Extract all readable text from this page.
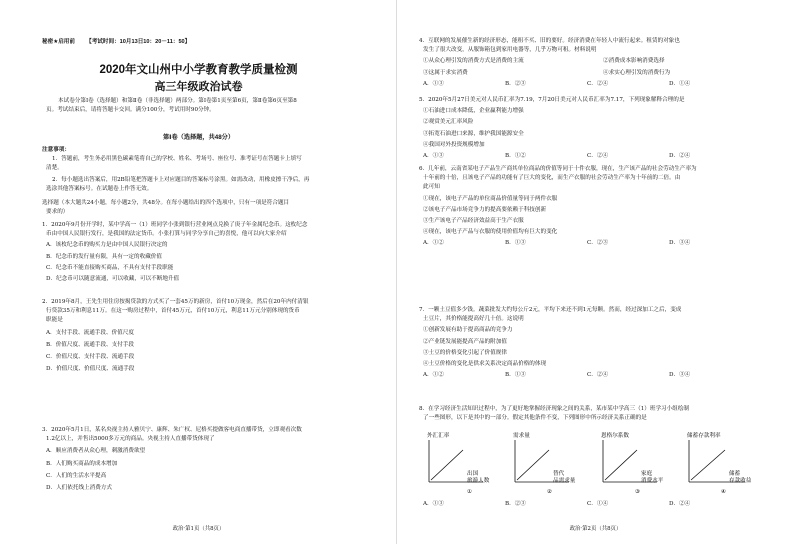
秘密★启用前 【考试时间：10月13日10：20－11：50】
2020年文山州中小学教育教学质量检测
高三年级政治试卷
本试卷分第Ⅰ卷（选择题）和第Ⅱ卷（非选择题）两部分。第Ⅰ卷第1页至第6页，第Ⅱ卷第6页至第8
页。考试结束后，请将答题卡交回。满分100分，考试用时90分钟。
第Ⅰ卷（选择题，共48分）
注意事项：
1．答题前，考生务必用黑色碳素笔将自己的学校、姓名、考场号、座位号、准考证号在答题卡上填写
清楚。
2．每小题选出答案后，用2B铅笔把答题卡上对应题目的答案标号涂黑。如需改动，用橡皮擦干净后，再
选涂其他答案标号。在试题卷上作答无效。
选择题（本大题共24小题，每小题2分，共48分。在每小题给出的四个选项中，只有一项是符合题目
要求的）
1．2020年9月份开学时，某中学高一（1）班同学小张到银行营业网点兑换了庚子年金属纪念币。这枚纪念
币由中国人民银行发行，是我国的法定货币。小张打算与同学分享自己的喜悦，他可以向大家介绍
A．该枚纪念币的购买力是由中国人民银行决定的
B．纪念币的发行量有限，具有一定的收藏价值
C．纪念币不能直接购买商品，不具有支付手段职能
D．纪念币可以随意流通，可以收藏，可以不断地升值
2．2019年8月，王先生用住房按揭贷款的方式买了一套45万的新房，首付10万现金，然后在20年内付清银
行贷款35万和利息11万。在这一购房过程中，首付45万元，首付10万元，利息11万元分别体现的货币
职能是
A．支付手段、流通手段、价值尺度
B．价值尺度、流通手段、支付手段
C．价值尺度、支付手段、流通手段
D．价值尺度、价值尺度、流通手段
3．2020年5月1日，某名央视主持人雅贝宁、康辉、朱广权、尼格买提做客电商直播带货，立即观看次数
1.2亿以上，并售出5000多万元的商品。央视主持人直播带货体现了
A．顺应消费者从众心理，刺激消费欲望
B．人们购买商品的成本增加
C．人们的生活水平提高
D．人们依托线上消费方式
政治·第1页（共8页）
4．互联网的发展催生新的经济形态，能租不买、旧的要好。经济消费在年轻人中流行起来。租赁的对象也
发生了很大改变，从服饰箱包到家用电器等，几乎万物可租。材料说明
①从众心理引发的消费方式是消费的主流	②消费成本影响消费选择
③这属于求实消费	④求实心理引发的消费行为
A．①③	B．②③	C．②④	D．①④
5．2020年5月27日美元对人民币汇率为7.19，7月20日美元对人民币汇率为7.17，下列现象解释合理的是
①石油进口成本降低，企业赢利能力增强
②观赏美元汇率风险
③拓宽石油进口来源，维护我国能源安全
④我国对外投资规模增加
A．①③	B．①②	C．②④	D．②④
6．几年前，云南省某电子产品生产商其单位商品的价值等同于十件衣服，现在，生产该产品的社会劳动生产率为
十年前的十倍，且该电子产品的功能有了巨大的变化，而生产衣服的社会劳动生产率为十年前的二倍。由
此可知
①现在，该电子产品的单位商品价值量等同于两件衣服
②该电子产品市场竞争力的提高要依赖于科技创新
③生产该电子产品经济效益高于生产衣服
④现在，该电子产品与衣服的使用价值均有巨大的变化
A．①②	B．①③	C．②③	D．③④
7．一颗土豆值多少钱。蔬菜批发大约每公斤2元，平均下来还不到1元每颗。然而，经过深加工之后，变成
土豆片，其价格能提高好几十倍。这说明
①创新发展有助于提高商品的竞争力
②产业链发展能提高产品的附加值
③土豆的价格变化引起了价值规律
④土豆价格的变化是供求关系决定商品价格的体现
A．①②	B．①③	C．②④	D．③④
8．在学习经济生活知识过程中，为了更好地掌握经济现象之间的关系，某市某中学高三（1）班学习小组绘制
了一些图形，以下是其中的一部分。假定其他条件不变，下列图形中所示经济关系正确的是
外汇汇率
出国
旅游人数
①
需求量
替代
品需求量
②
恩格尔系数
家庭
消费水平
③
储蓄存款利率
储蓄
存款收益
④
A．①③	B．②③	C．①④	D．②④
政治·第2页（共8页）
